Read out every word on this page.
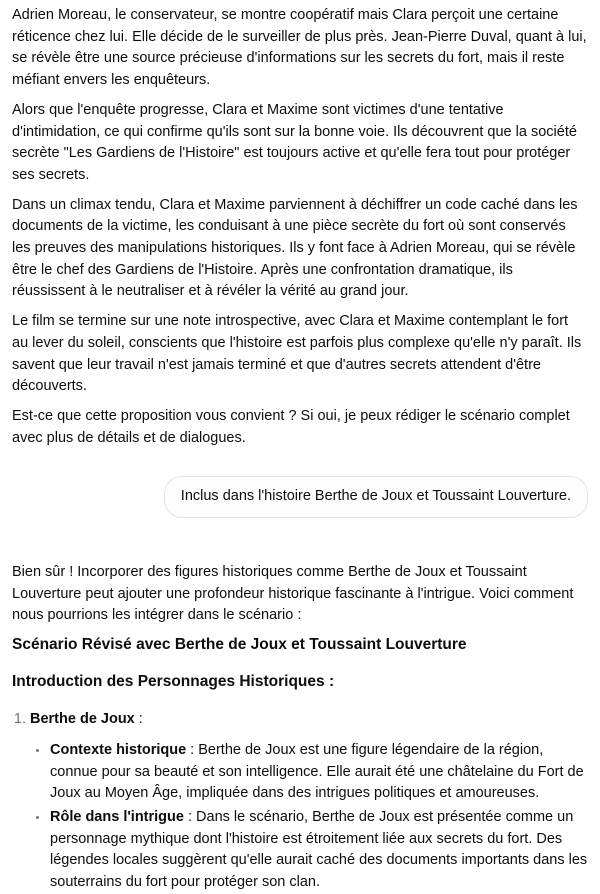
Adrien Moreau, le conservateur, se montre coopératif mais Clara perçoit une certaine réticence chez lui. Elle décide de le surveiller de plus près. Jean-Pierre Duval, quant à lui, se révèle être une source précieuse d'informations sur les secrets du fort, mais il reste méfiant envers les enquêteurs.

Alors que l'enquête progresse, Clara et Maxime sont victimes d'une tentative d'intimidation, ce qui confirme qu'ils sont sur la bonne voie. Ils découvrent que la société secrète "Les Gardiens de l'Histoire" est toujours active et qu'elle fera tout pour protéger ses secrets.

Dans un climax tendu, Clara et Maxime parviennent à déchiffrer un code caché dans les documents de la victime, les conduisant à une pièce secrète du fort où sont conservés les preuves des manipulations historiques. Ils y font face à Adrien Moreau, qui se révèle être le chef des Gardiens de l'Histoire. Après une confrontation dramatique, ils réussissent à le neutraliser et à révéler la vérité au grand jour.

Le film se termine sur une note introspective, avec Clara et Maxime contemplant le fort au lever du soleil, conscients que l'histoire est parfois plus complexe qu'elle n'y paraît. Ils savent que leur travail n'est jamais terminé et que d'autres secrets attendent d'être découverts.

Est-ce que cette proposition vous convient ? Si oui, je peux rédiger le scénario complet avec plus de détails et de dialogues.

Inclus dans l'histoire Berthe de Joux et Toussaint Louverture.

Bien sûr ! Incorporer des figures historiques comme Berthe de Joux et Toussaint Louverture peut ajouter une profondeur historique fascinante à l'intrigue. Voici comment nous pourrions les intégrer dans le scénario :

Scénario Révisé avec Berthe de Joux et Toussaint Louverture
Introduction des Personnages Historiques :
1. Berthe de Joux :
• Contexte historique : Berthe de Joux est une figure légendaire de la région, connue pour sa beauté et son intelligence. Elle aurait été une châtelaine du Fort de Joux au Moyen Âge, impliquée dans des intrigues politiques et amoureuses.
• Rôle dans l'intrigue : Dans le scénario, Berthe de Joux est présentée comme un personnage mythique dont l'histoire est étroitement liée aux secrets du fort. Des légendes locales suggèrent qu'elle aurait caché des documents importants dans les souterrains du fort pour protéger son clan.
